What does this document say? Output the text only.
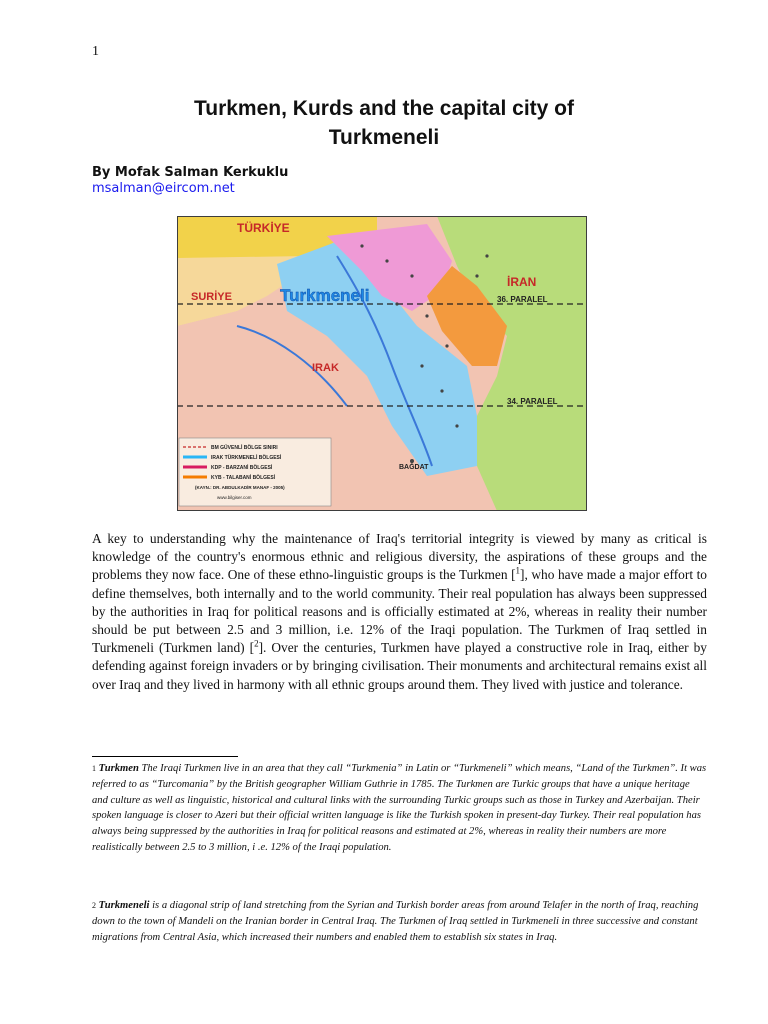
1
Turkmen, Kurds and the capital city of
Turkmeneli
By Mofak Salman Kerkuklu
msalman@eircom.net
TÜRKİYE
İRAN
SURİYE
IRAK
Turkmeneli	36. PARALEL
34. PARALEL
BAĞDAT
BM GÜVENLİ BÖLGE SINIRI
IRAK TÜRKMENELİ BÖLGESİ
KDP - BARZANİ BÖLGESİ
KYB - TALABANİ BÖLGESİ
(KAYN.: DR. ABDULKADİR MANAF - 2005)
www.bilgiser.com
A key to understanding why the maintenance of Iraq's territorial integrity is viewed by many as critical is knowledge of the country's enormous ethnic and religious diversity, the aspirations of these groups and the problems they now face. One of these ethno-linguistic groups is the Turkmen [$^1$], who have made a major effort to define themselves, both internally and to the world community. Their real population has always been suppressed by the authorities in Iraq for political reasons and is officially estimated at 2%, whereas in reality their number should be put between 2.5 and 3 million, i.e. 12% of the Iraqi population. The Turkmen of Iraq settled in Turkmeneli (Turkmen land) [$^2$]. Over the centuries, Turkmen have played a constructive role in Iraq, either by defending against foreign invaders or by bringing civilisation. Their monuments and architectural remains exist all over Iraq and they lived in harmony with all ethnic groups around them. They lived with justice and tolerance.
$^1$ Turkmen The Iraqi Turkmen live in an area that they call “Turkmenia” in Latin or “Turkmeneli” which means, “Land of the Turkmen”. It was referred to as “Turcomania” by the British geographer William Guthrie in 1785. The Turkmen are Turkic groups that have a unique heritage and culture as well as linguistic, historical and cultural links with the surrounding Turkic groups such as those in Turkey and Azerbaijan. Their spoken language is closer to Azeri but their official written language is like the Turkish spoken in present-day Turkey. Their real population has always being suppressed by the authorities in Iraq for political reasons and estimated at 2%, whereas in reality their numbers are more realistically between 2.5 to 3 million, i .e. 12% of the Iraqi population.
$^2$ Turkmeneli is a diagonal strip of land stretching from the Syrian and Turkish border areas from around Telafer in the north of Iraq, reaching down to the town of Mandeli on the Iranian border in Central Iraq. The Turkmen of Iraq settled in Turkmeneli in three successive and constant migrations from Central Asia, which increased their numbers and enabled them to establish six states in Iraq.
